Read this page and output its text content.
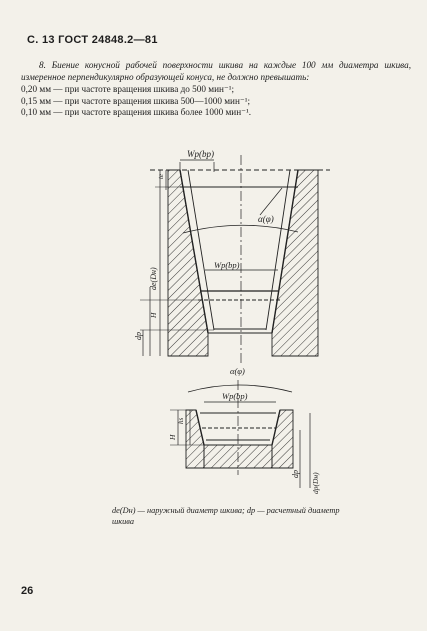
С. 13 ГОСТ 24848.2—81

8. Биение конусной рабочей поверхности шкива на каждые 100 мм диаметра шкива, измеренное перпендикулярно образующей конуса, не должно превышать:

0,20 мм — при частоте вращения шкива до 500 мин⁻¹;
0,15 мм — при частоте вращения шкива 500—1000 мин⁻¹;
0,10 мм — при частоте вращения шкива более 1000 мин⁻¹.
Wp(bp)
Wp(bp)
α(φ)
te
H
dp
de(Dн)
α(φ)
Wp(bp)
hs
H
dp dp(Dн)
de(Dн) — наружный диаметр шкива; dp — расчетный диаметр шкива
26
